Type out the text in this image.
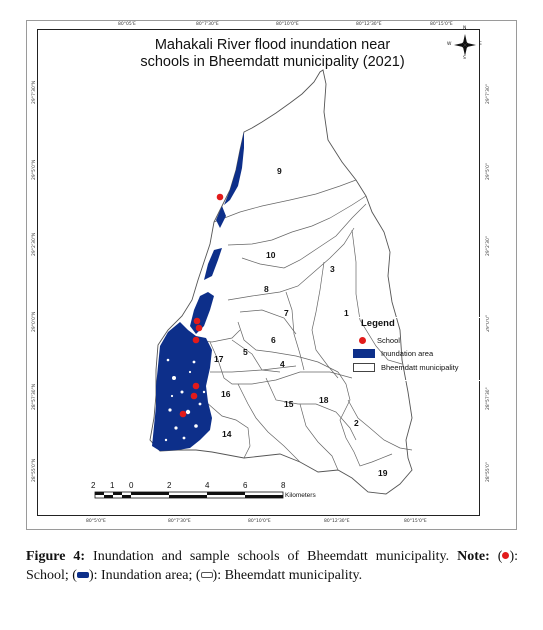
Mahakali River flood inundation near
schools in Bheemdatt municipality (2021)
80°05'E	80°7'30"E	80°10'0"E	80°12'30"E	80°15'0"E
80°5'0"E	80°7'30"E	80°10'0"E	80°12'30"E	80°15'0"E
29°7'30"N
29°5'0"N
29°2'30"N
29°0'0"N
28°57'30"N
28°55'0"N
29°7'30"
29°5'0"
29°2'30"
29°0'0"
28°57'30"
28°55'0"
N
S
W	E
1
2
3
4
5
6
7
8
9
10
14
15
16
17
18
19
2 1 0	2	4	6	8
Kilometers
Legend
School
Inundation area
Bheemdatt municipality
Figure 4: Inundation and sample schools of Bheemdatt municipality. Note: ( ): School; ( ): Inundation area; ( ): Bheemdatt municipality.
